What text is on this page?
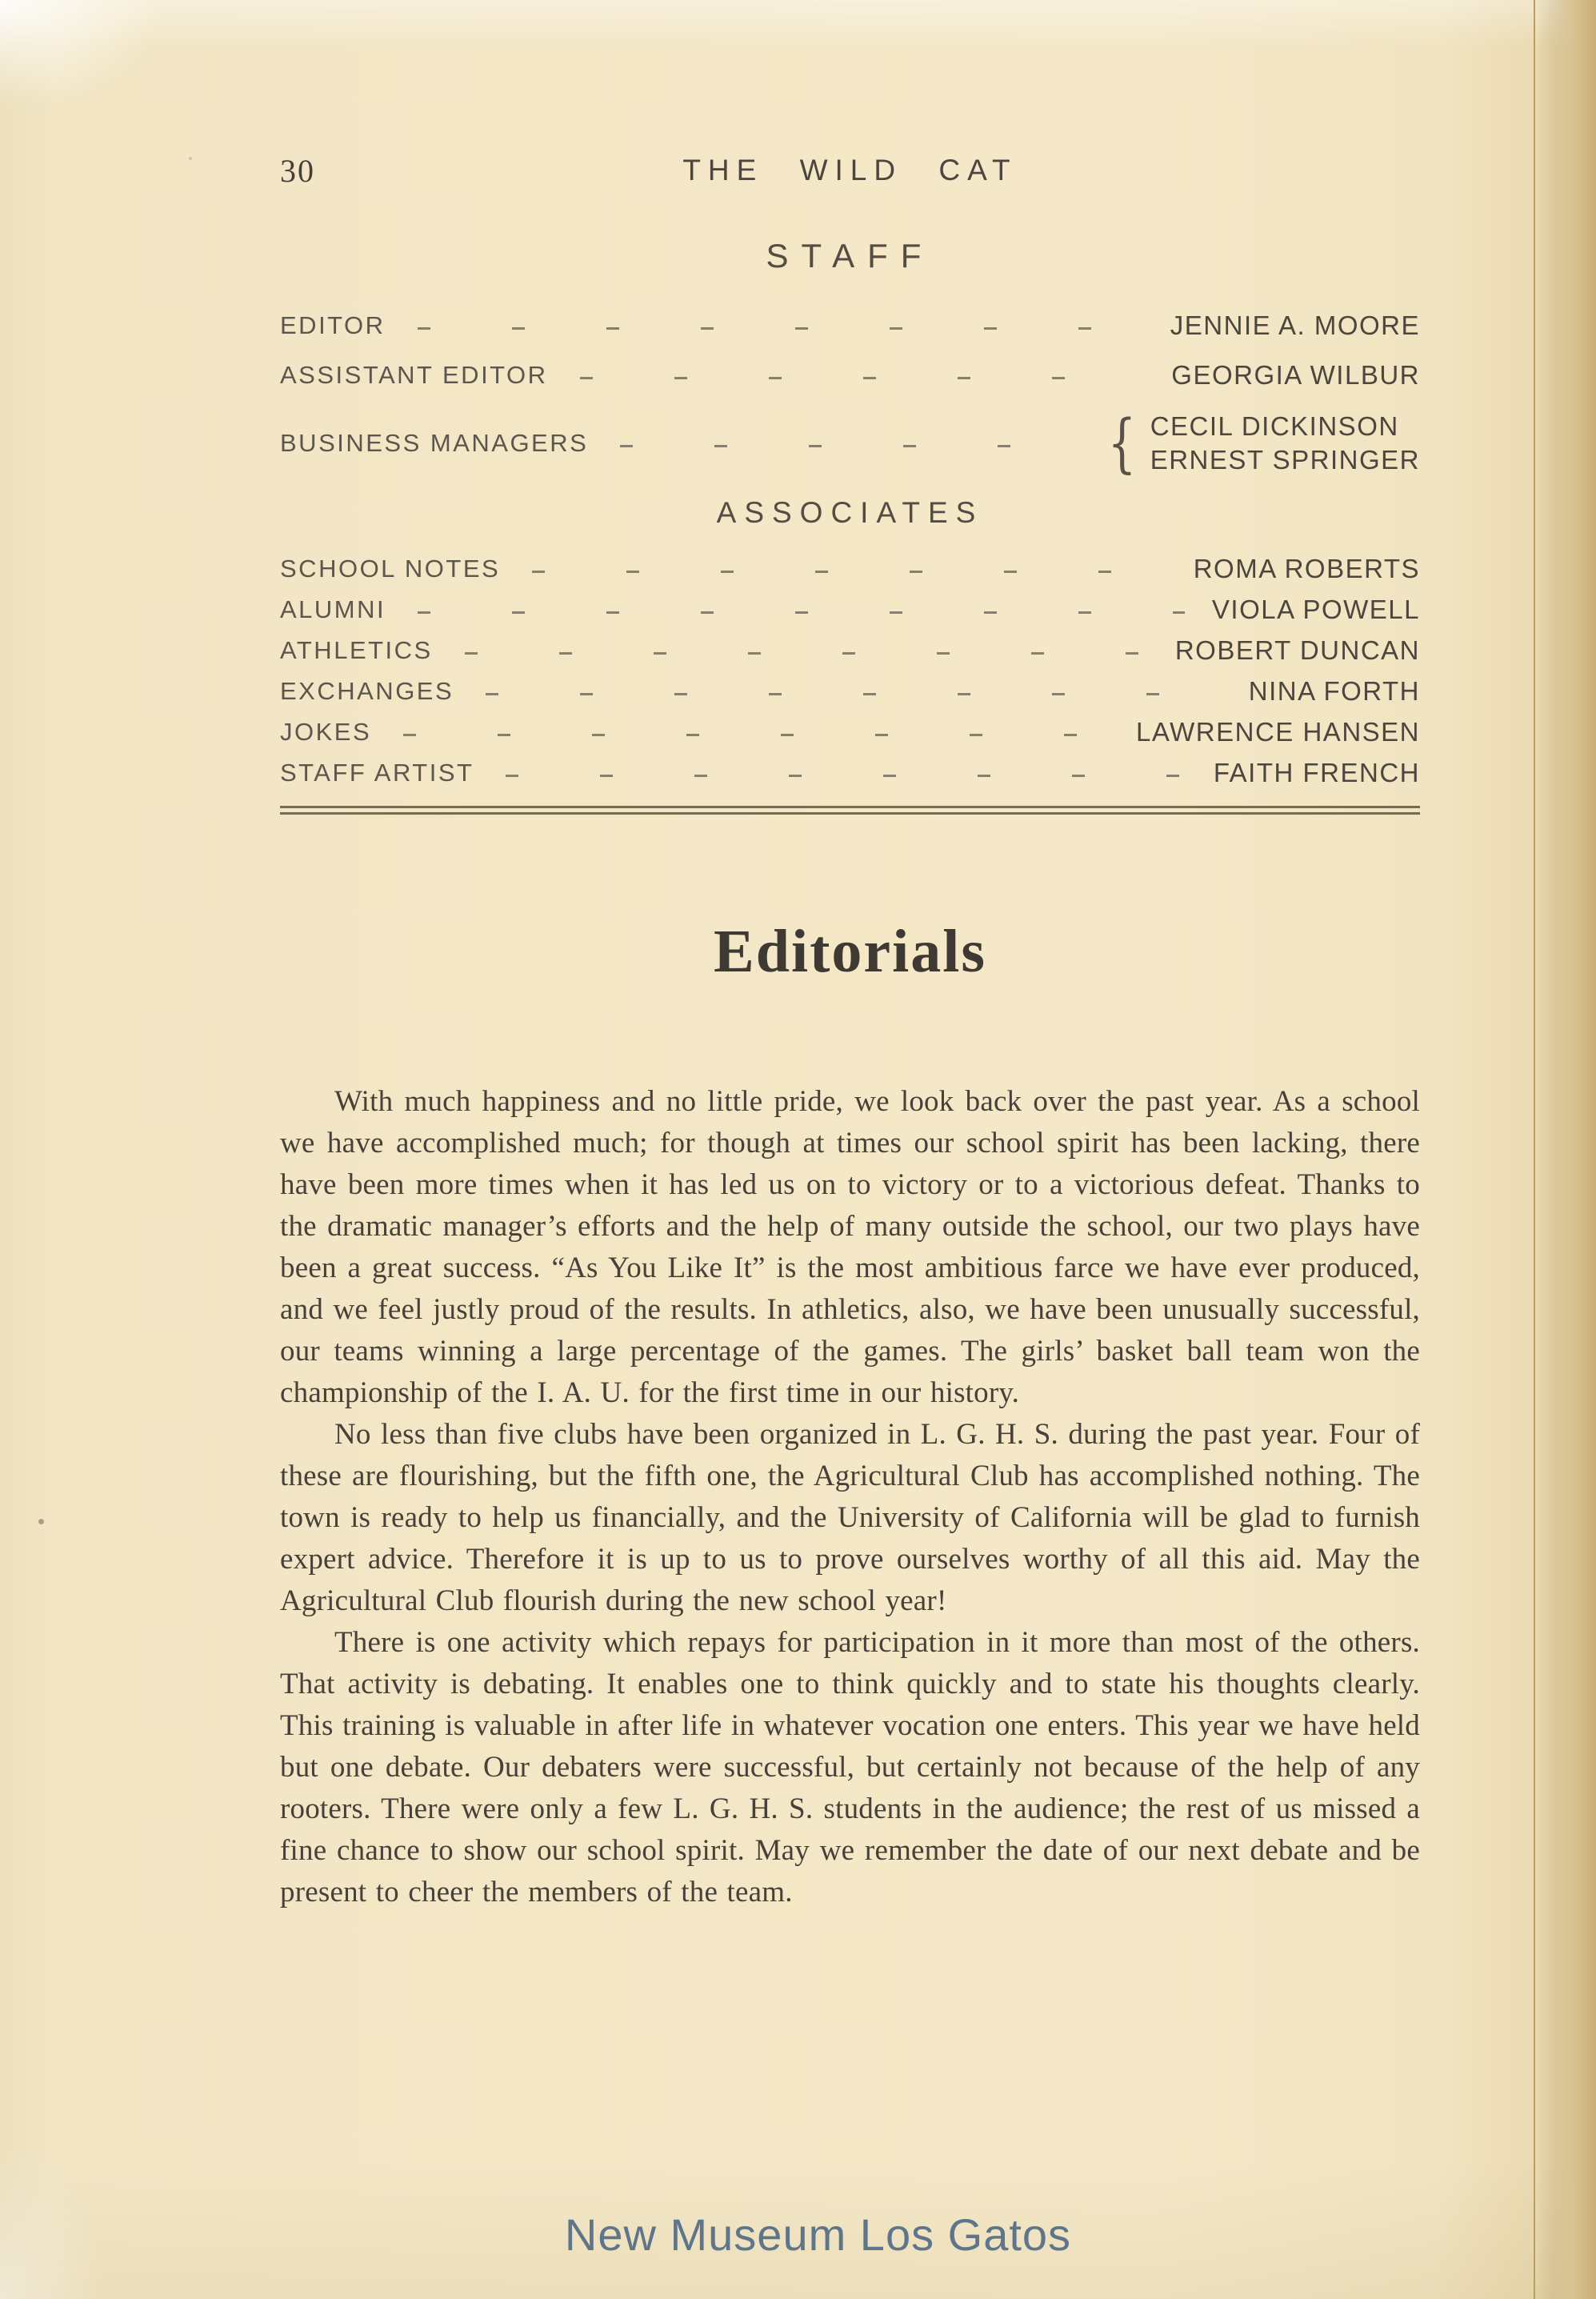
30	THE WILD CAT
STAFF
EDITOR	JENNIE A. MOORE
ASSISTANT EDITOR	GEORGIA WILBUR
BUSINESS MANAGERS	{ CECIL DICKINSON
ERNEST SPRINGER
ASSOCIATES
SCHOOL NOTES	ROMA ROBERTS
ALUMNI	VIOLA POWELL
ATHLETICS	ROBERT DUNCAN
EXCHANGES	NINA FORTH
JOKES	LAWRENCE HANSEN
STAFF ARTIST	FAITH FRENCH
Editorials

With much happiness and no little pride, we look back over the past year. As a school we have accomplished much; for though at times our school spirit has been lacking, there have been more times when it has led us on to victory or to a victorious defeat. Thanks to the dramatic manager’s efforts and the help of many outside the school, our two plays have been a great success. “As You Like It” is the most ambitious farce we have ever produced, and we feel justly proud of the results. In athletics, also, we have been unusually successful, our teams winning a large percentage of the games. The girls’ basket ball team won the championship of the I. A. U. for the first time in our history.

No less than five clubs have been organized in L. G. H. S. during the past year. Four of these are flourishing, but the fifth one, the Agricultural Club has accomplished nothing. The town is ready to help us financially, and the University of California will be glad to furnish expert advice. Therefore it is up to us to prove ourselves worthy of all this aid. May the Agricultural Club flourish during the new school year!

There is one activity which repays for participation in it more than most of the others. That activity is debating. It enables one to think quickly and to state his thoughts clearly. This training is valuable in after life in whatever vocation one enters. This year we have held but one debate. Our debaters were successful, but certainly not because of the help of any rooters. There were only a few L. G. H. S. students in the audience; the rest of us missed a fine chance to show our school spirit. May we remember the date of our next debate and be present to cheer the members of the team.

New Museum Los Gatos
